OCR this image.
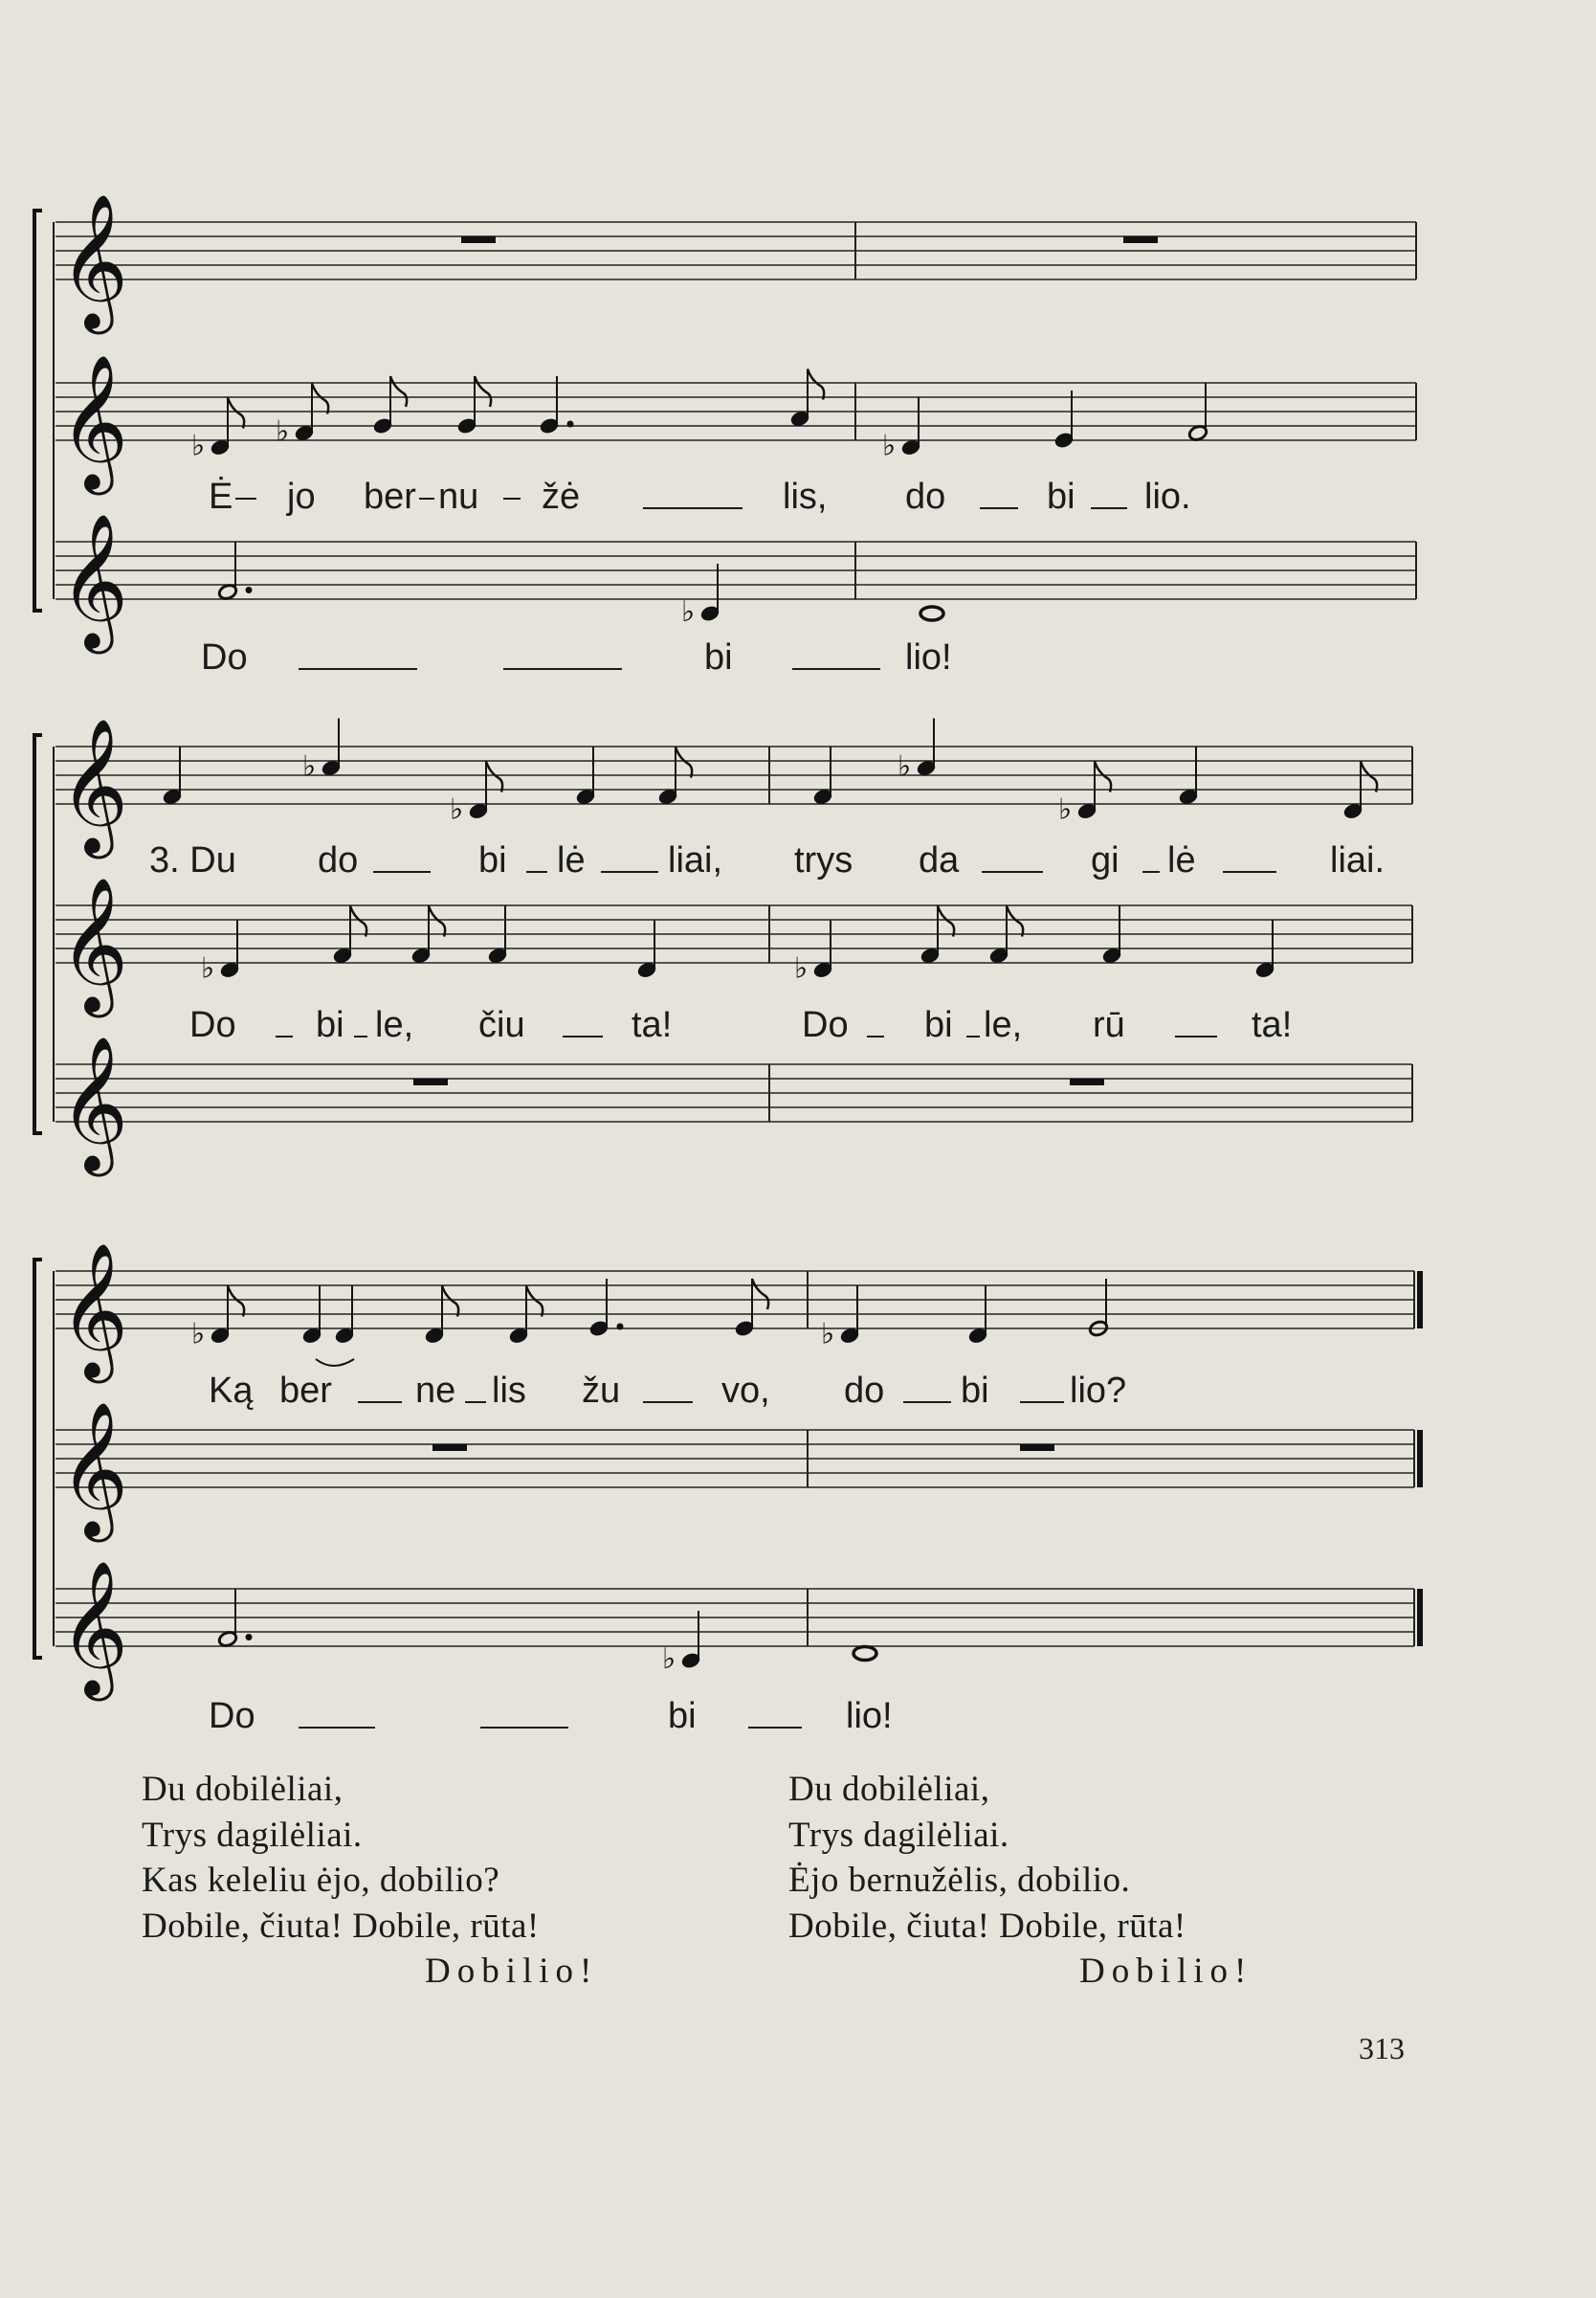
𝄞
𝄞
𝄞
𝄞
𝄞
𝄞
𝄞
𝄞
𝄞
♭ ♭	♭
♭
♭
♭
♭
♭
♭	♭
♭	♭
♭
Ė jo ber nu žė	lis, do	bi lio.
Do	bi	lio!
3. Du do	bi lė liai, trys da	gi lė	liai.
Do bi le, čiu	ta!	Do bi le, rū	ta!
Ką ber ne lis žu	vo, do bi lio?
Do	bi	lio!
Du dobilėliai,
Trys dagilėliai.
Kas keleliu ėjo, dobilio?
Dobile, čiuta! Dobile, rūta!
Dobilio!
Du dobilėliai,
Trys dagilėliai.
Ėjo bernužėlis, dobilio.
Dobile, čiuta! Dobile, rūta!
Dobilio!
313
